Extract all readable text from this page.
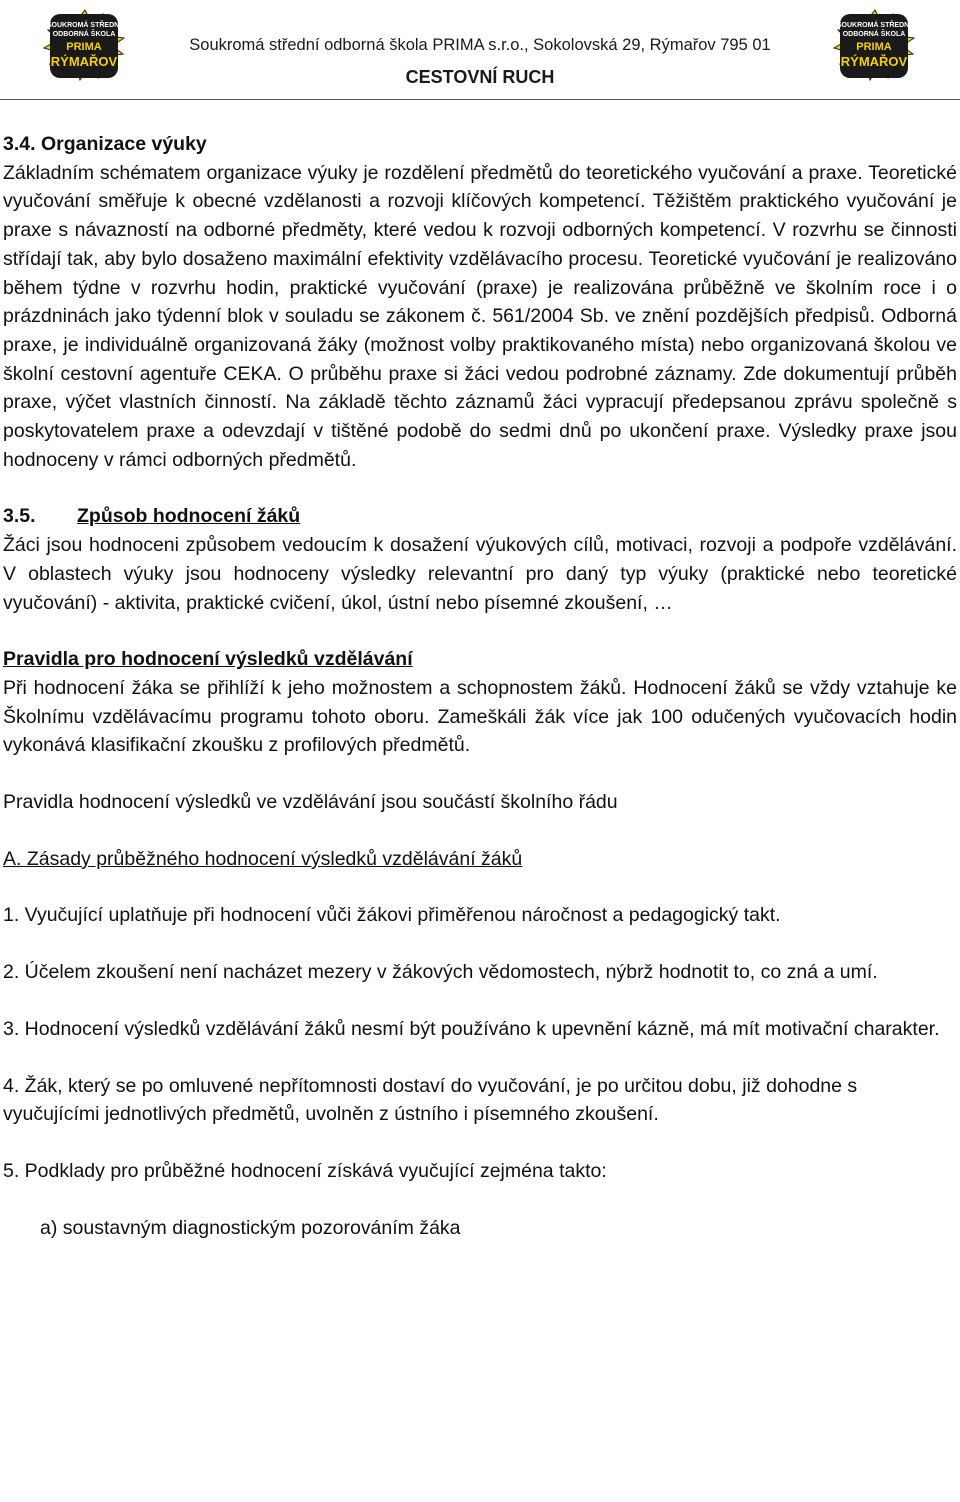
SOUKROMÁ STŘEDNÍ
ODBORNÁ ŠKOLA
PRIMA
RÝMAŘOV
Soukromá střední odborná škola PRIMA s.r.o., Sokolovská 29, Rýmařov 795 01
CESTOVNÍ RUCH
SOUKROMÁ STŘEDNÍ
ODBORNÁ ŠKOLA
PRIMA
RÝMAŘOV

3.4. Organizace výuky

Základním schématem organizace výuky je rozdělení předmětů do teoretického vyučování a praxe. Teoretické vyučování směřuje k obecné vzdělanosti a rozvoji klíčových kompetencí. Těžištěm praktického vyučování je praxe s návazností na odborné předměty, které vedou k rozvoji odborných kompetencí. V rozvrhu se činnosti střídají tak, aby bylo dosaženo maximální efektivity vzdělávacího procesu. Teoretické vyučování je realizováno během týdne v rozvrhu hodin, praktické vyučování (praxe) je realizována průběžně ve školním roce i o prázdninách jako týdenní blok v souladu se zákonem č. 561/2004 Sb. ve znění pozdějších předpisů. Odborná praxe, je individuálně organizovaná žáky (možnost volby praktikovaného místa) nebo organizovaná školou ve školní cestovní agentuře CEKA. O průběhu praxe si žáci vedou podrobné záznamy. Zde dokumentují průběh praxe, výčet vlastních činností. Na základě těchto záznamů žáci vypracují předepsanou zprávu společně s poskytovatelem praxe a odevzdají v tištěné podobě do sedmi dnů po ukončení praxe. Výsledky praxe jsou hodnoceny v rámci odborných předmětů.

3.5. Způsob hodnocení žáků

Žáci jsou hodnoceni způsobem vedoucím k dosažení výukových cílů, motivaci, rozvoji a podpoře vzdělávání. V oblastech výuky jsou hodnoceny výsledky relevantní pro daný typ výuky (praktické nebo teoretické vyučování) - aktivita, praktické cvičení, úkol, ústní nebo písemné zkoušení, …

Pravidla pro hodnocení výsledků vzdělávání

Při hodnocení žáka se přihlíží k jeho možnostem a schopnostem žáků. Hodnocení žáků se vždy vztahuje ke Školnímu vzdělávacímu programu tohoto oboru. Zameškáli žák více jak 100 odučených vyučovacích hodin vykonává klasifikační zkoušku z profilových předmětů.

Pravidla hodnocení výsledků ve vzdělávání jsou součástí školního řádu

A. Zásady průběžného hodnocení výsledků vzdělávání žáků

1. Vyučující uplatňuje při hodnocení vůči žákovi přiměřenou náročnost a pedagogický takt.

2. Účelem zkoušení není nacházet mezery v žákových vědomostech, nýbrž hodnotit to, co zná a umí.

3. Hodnocení výsledků vzdělávání žáků nesmí být používáno k upevnění kázně, má mít motivační charakter.

4. Žák, který se po omluvené nepřítomnosti dostaví do vyučování, je po určitou dobu, již dohodne s vyučujícími jednotlivých předmětů, uvolněn z ústního i písemného zkoušení.

5. Podklady pro průběžné hodnocení získává vyučující zejména takto:

a) soustavným diagnostickým pozorováním žáka
